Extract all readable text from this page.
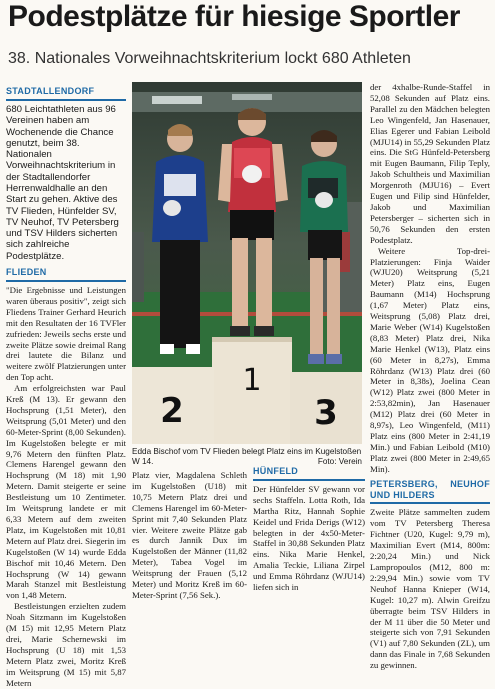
Podestplätze für hiesige Sportler
38. Nationales Vorweihnachtskriterium lockt 680 Athleten
STADTALLENDORF

680 Leichtathleten aus 96 Vereinen haben am Wochenende die Chance genutzt, beim 38. Nationalen Vorweihnachtskriterium in der Stadtallendorfer Herrenwaldhalle an den Start zu gehen. Aktive des TV Flieden, Hünfelder SV, TV Neuhof, TV Petersberg und TSV Hilders sicherten sich zahlreiche Podestplätze.

FLIEDEN

"Die Ergebnisse und Leistungen waren überaus positiv", zeigt sich Fliedens Trainer Gerhard Heurich mit den Resultaten der 16 TVFler zufrieden: Jeweils sechs erste und zweite Plätze sowie dreimal Rang drei lautete die Bilanz und weitere zwölf Platzierungen unter den Top acht.

Am erfolgreichsten war Paul Kreß (M 13). Er gewann den Hochsprung (1,51 Meter), den Weitsprung (5,01 Meter) und den 60-Meter-Sprint (8,00 Sekunden). Im Kugelstoßen belegte er mit 9,76 Metern den fünften Platz. Clemens Harengel gewann den Hochsprung (M 18) mit 1,90 Metern. Damit steigerte er seine Bestleistung um 10 Zentimeter. Im Weitsprung landete er mit 6,33 Metern auf dem zweiten Platz, im Kugelstoßen mit 10,81 Metern auf Platz drei. Siegerin im Kugelstoßen (W 14) wurde Edda Bischof mit 10,46 Metern. Den Hochsprung (W 14) gewann Marah Stanzel mit Bestleistung von 1,48 Metern.

Bestleistungen erzielten zudem Noah Sitzmann im Kugelstoßen (M 15) mit 12,95 Metern Platz drei, Marie Schernewski im Hochsprung (U 18) mit 1,53 Metern Platz zwei, Moritz Kreß im Weitsprung (M 15) mit 5,87 Metern

1
2	3
Edda Bischof vom TV Flieden belegt Platz eins im Kugelstoßen W 14.	Foto: Verein

Platz vier, Magdalena Schleth im Kugelstoßen (U18) mit 10,75 Metern Platz drei und Clemens Harengel im 60-Meter-Sprint mit 7,40 Sekunden Platz vier. Weitere zweite Plätze gab es durch Jannik Dux im Kugelstoßen der Männer (11,82 Meter), Tabea Vogel im Weitsprung der Frauen (5,12 Meter) und Moritz Kreß im 60-Meter-Sprint (7,56 Sek.).

HÜNFELD

Der Hünfelder SV gewann vor sechs Staffeln. Lotta Roth, Ida Martha Ritz, Hannah Sophie Keidel und Frida Derigs (W12) belegten in der 4x50-Meter-Staffel in 30,88 Sekunden Platz eins. Nika Marie Henkel, Amalia Teckie, Liliana Zirpel und Emma Röhrdanz (WJU14) liefen sich in

der 4xhalbe-Runde-Staffel in 52,08 Sekunden auf Platz eins. Parallel zu den Mädchen belegten Leo Wingenfeld, Jan Hasenauer, Elias Egerer und Fabian Leibold (MJU14) in 55,29 Sekunden Platz eins. Die StG Hünfeld-Petersberg mit Eugen Baumann, Filip Teply, Jakob Schultheis und Maximilian Morgenroth (MJU16) – Evert Eugen und Filip sind Hünfelder, Jakob und Maximilian Petersberger – sicherten sich in 50,76 Sekunden den ersten Podestplatz.

Weitere Top-drei-Platzierungen: Finja Waider (WJU20) Weitsprung (5,21 Meter) Platz eins, Eugen Baumann (M14) Hochsprung (1,67 Meter) Platz eins, Weitsprung (5,08) Platz drei, Marie Weber (W14) Kugelstoßen (8,83 Meter) Platz drei, Nika Marie Henkel (W13), Platz eins (60 Meter in 8,27s), Emma Röhrdanz (W13) Platz drei (60 Meter in 8,38s), Joelina Cean (W12) Platz zwei (800 Meter in 2:53,82min), Jan Hasenauer (M12) Platz drei (60 Meter in 8,97s), Leo Wingenfeld, (M11) Platz eins (800 Meter in 2:41,19 Min.) und Fabian Leibold (M10) Platz zwei (800 Meter in 2:49,65 Min).

PETERSBERG, NEUHOF UND HILDERS

Zweite Plätze sammelten zudem vom TV Petersberg Theresa Fichtner (U20, Kugel: 9,79 m), Maximilian Evert (M14, 800m: 2:20,24 Min.) und Nick Lampropoulos (M12, 800 m: 2:29,94 Min.) sowie vom TV Neuhof Hanna Knieper (W14, Kugel: 10,27 m). Alwin Greifzu überragte beim TSV Hilders in der M 11 über die 50 Meter und steigerte sich von 7,91 Sekunden (V1) auf 7,80 Sekunden (ZL), um dann das Finale in 7,68 Sekunden zu gewinnen.
